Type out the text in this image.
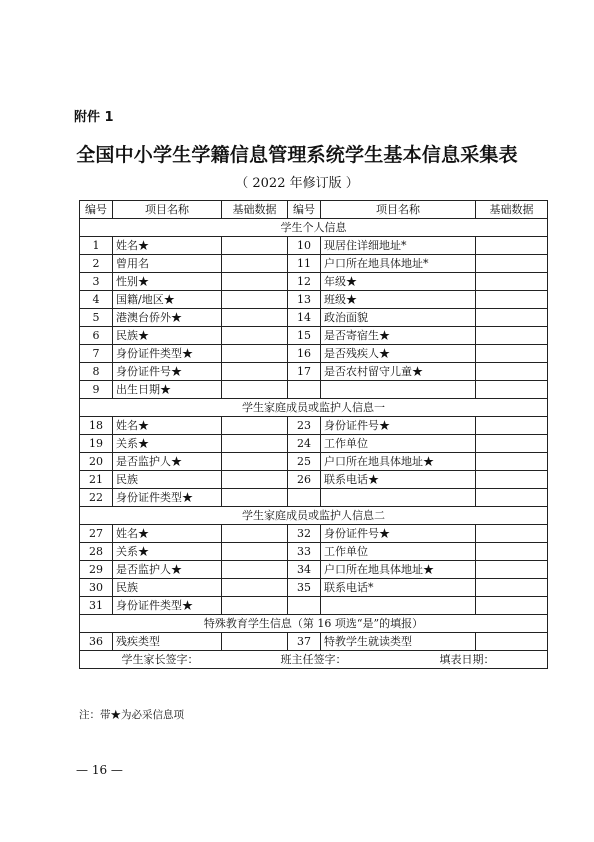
附件 1
全国中小学生学籍信息管理系统学生基本信息采集表
（ 2022 年修订版 ）
编号	项目名称	基础数据	编号	项目名称	基础数据
学生个人信息					
1	姓名★		10	现居住详细地址*	
2	曾用名		11	户口所在地具体地址*	
3	性别★		12	年级★	
4	国籍/地区★		13	班级★	
5	港澳台侨外★		14	政治面貌	
6	民族★		15	是否寄宿生★	
7	身份证件类型★		16	是否残疾人★	
8	身份证件号★		17	是否农村留守儿童★	
9	出生日期★				
学生家庭成员或监护人信息一					
18	姓名★		23	身份证件号★	
19	关系★		24	工作单位	
20	是否监护人★		25	户口所在地具体地址★	
21	民族		26	联系电话★	
22	身份证件类型★				
学生家庭成员或监护人信息二					
27	姓名★		32	身份证件号★	
28	关系★		33	工作单位	
29	是否监护人★		34	户口所在地具体地址★	
30	民族		35	联系电话*	
31	身份证件类型★				
特殊教育学生信息（第 16 项选“是”的填报）					
36	残疾类型		37	特教学生就读类型	
学生家长签字： 班主任签字： 填表日期：					
注：带★为必采信息项
— 16 —
